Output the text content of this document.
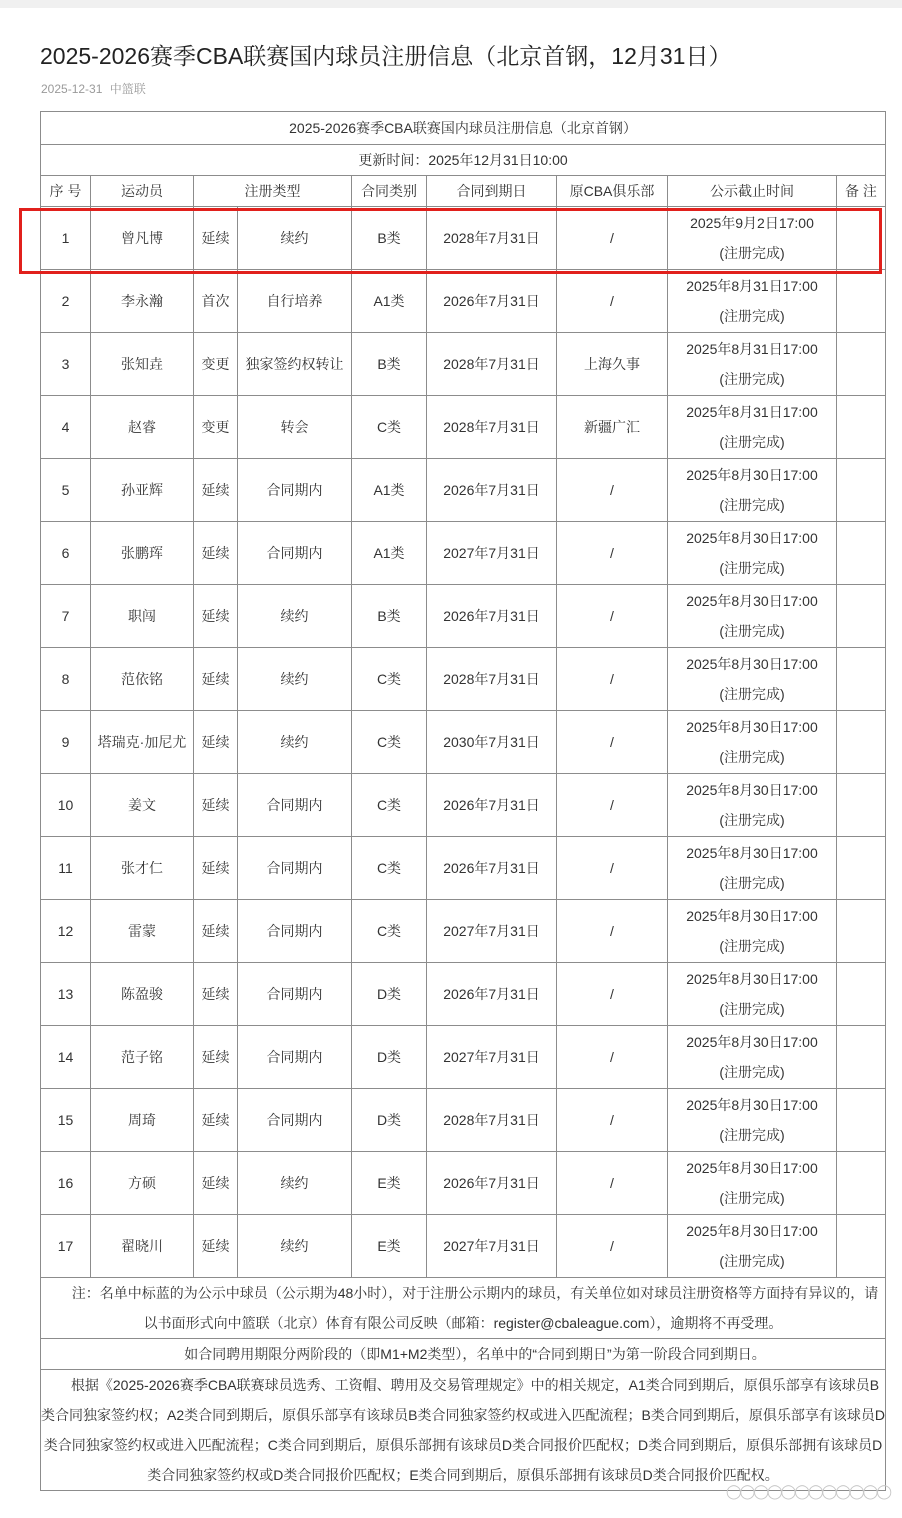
2025-2026赛季CBA联赛国内球员注册信息（北京首钢，12月31日）
2025-12-31 中篮联
2025-2026赛季CBA联赛国内球员注册信息（北京首钢）								
更新时间：2025年12月31日10:00								
序 号	运动员	注册类型		合同类别	合同到期日	原CBA俱乐部	公示截止时间	备 注
1	曾凡博	延续	续约	B类	2028年7月31日	/	2025年9月2日17:00
(注册完成)	

2	李永瀚	首次	自行培养	A1类	2026年7月31日	/	2025年8月31日17:00
(注册完成)	

3	张知垚	变更	独家签约权转让	B类	2028年7月31日	上海久事	2025年8月31日17:00
(注册完成)	

4	赵睿	变更	转会	C类	2028年7月31日	新疆广汇	2025年8月31日17:00
(注册完成)	

5	孙亚辉	延续	合同期内	A1类	2026年7月31日	/	2025年8月30日17:00
(注册完成)	

6	张鹏珲	延续	合同期内	A1类	2027年7月31日	/	2025年8月30日17:00
(注册完成)	

7	职闯	延续	续约	B类	2026年7月31日	/	2025年8月30日17:00
(注册完成)	

8	范依铭	延续	续约	C类	2028年7月31日	/	2025年8月30日17:00
(注册完成)	

9	塔瑞克·加尼尤	延续	续约	C类	2030年7月31日	/	2025年8月30日17:00
(注册完成)	

10	姜文	延续	合同期内	C类	2026年7月31日	/	2025年8月30日17:00
(注册完成)	

11	张才仁	延续	合同期内	C类	2026年7月31日	/	2025年8月30日17:00
(注册完成)	

12	雷蒙	延续	合同期内	C类	2027年7月31日	/	2025年8月30日17:00
(注册完成)	

13	陈盈骏	延续	合同期内	D类	2026年7月31日	/	2025年8月30日17:00
(注册完成)	

14	范子铭	延续	合同期内	D类	2027年7月31日	/	2025年8月30日17:00
(注册完成)	

15	周琦	延续	合同期内	D类	2028年7月31日	/	2025年8月30日17:00
(注册完成)	

16	方硕	延续	续约	E类	2026年7月31日	/	2025年8月30日17:00
(注册完成)	

17	翟晓川	延续	续约	E类	2027年7月31日	/	2025年8月30日17:00
(注册完成)	

注：名单中标蓝的为公示中球员（公示期为48小时），对于注册公示期内的球员，有关单位如对球员注册资格等方面持有异议的，请以书面形式向中篮联（北京）体育有限公司反映（邮箱：register@cbaleague.com），逾期将不再受理。								
如合同聘用期限分两阶段的（即M1+M2类型），名单中的“合同到期日”为第一阶段合同到期日。								
根据《2025-2026赛季CBA联赛球员选秀、工资帽、聘用及交易管理规定》中的相关规定，A1类合同到期后，原俱乐部享有该球员B类合同独家签约权；A2类合同到期后，原俱乐部享有该球员B类合同独家签约权或进入匹配流程；B类合同到期后，原俱乐部享有该球员D类合同独家签约权或进入匹配流程；C类合同到期后，原俱乐部拥有该球员D类合同报价匹配权；D类合同到期后，原俱乐部拥有该球员D类合同独家签约权或D类合同报价匹配权；E类合同到期后，原俱乐部拥有该球员D类合同报价匹配权。								
◯◯◯◯◯◯◯◯◯◯◯◯
